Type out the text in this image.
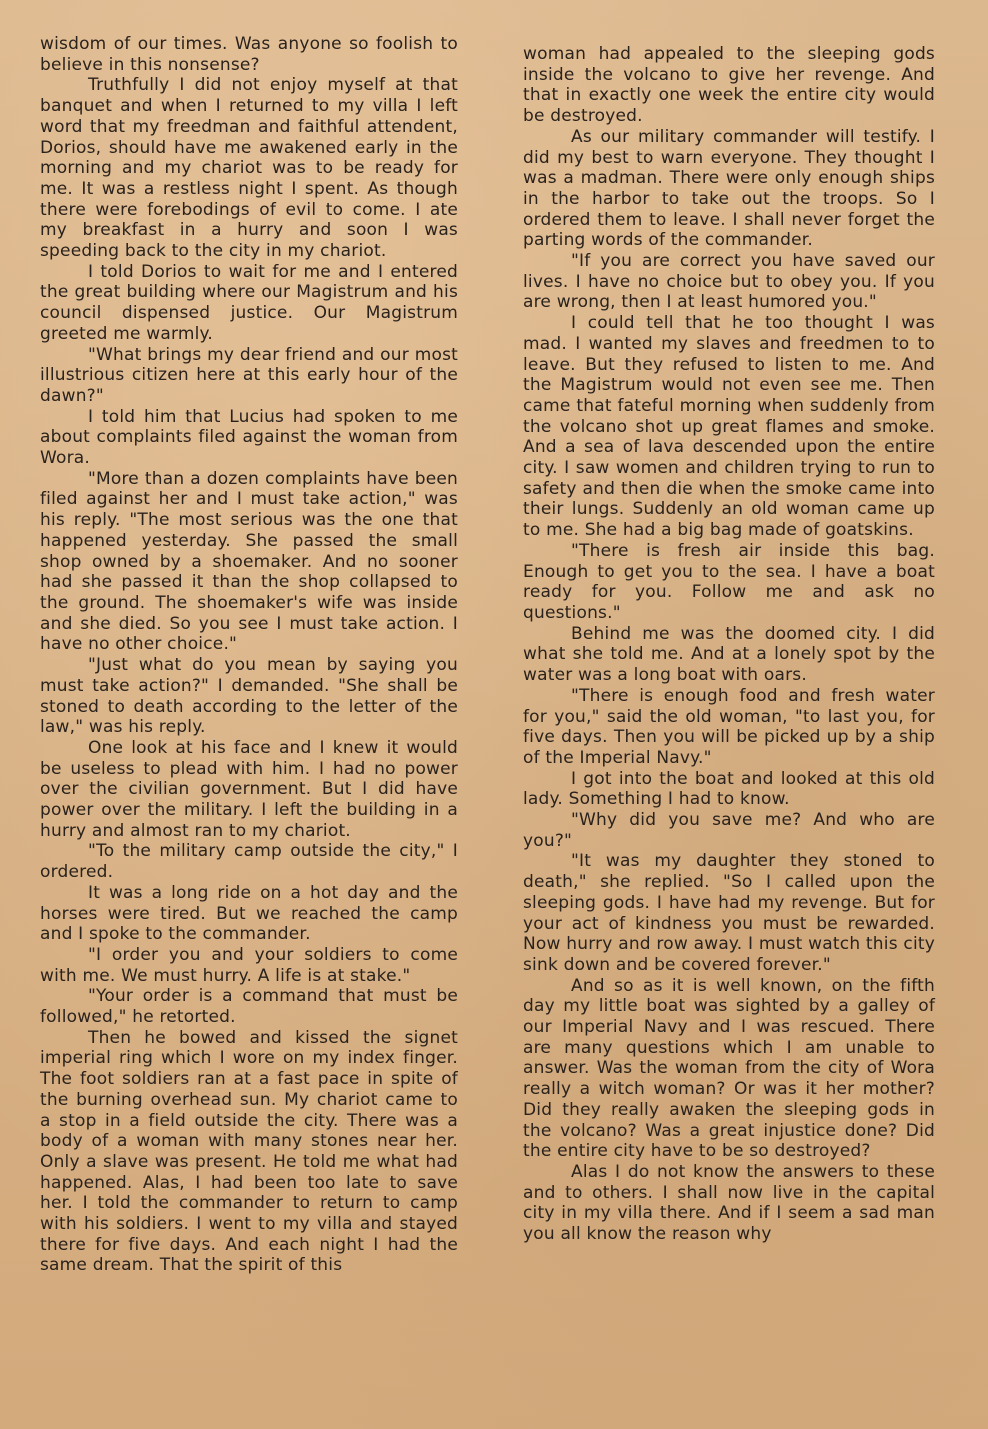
wisdom of our times. Was anyone so foolish to believe in this nonsense?

Truthfully I did not enjoy myself at that banquet and when I returned to my villa I left word that my freedman and faithful attendent, Dorios, should have me awakened early in the morning and my chariot was to be ready for me. It was a restless night I spent. As though there were forebodings of evil to come. I ate my breakfast in a hurry and soon I was speeding back to the city in my chariot.

I told Dorios to wait for me and I entered the great building where our Magistrum and his council dispensed justice. Our Magistrum greeted me warmly.

"What brings my dear friend and our most illustrious citizen here at this early hour of the dawn?"

I told him that Lucius had spoken to me about complaints filed against the woman from Wora.

"More than a dozen complaints have been filed against her and I must take action," was his reply. "The most serious was the one that happened yesterday. She passed the small shop owned by a shoemaker. And no sooner had she passed it than the shop collapsed to the ground. The shoemaker's wife was inside and she died. So you see I must take action. I have no other choice."

"Just what do you mean by saying you must take action?" I demanded. "She shall be stoned to death according to the letter of the law," was his reply.

One look at his face and I knew it would be useless to plead with him. I had no power over the civilian government. But I did have power over the military. I left the building in a hurry and almost ran to my chariot.

"To the military camp outside the city," I ordered.

It was a long ride on a hot day and the horses were tired. But we reached the camp and I spoke to the commander.

"I order you and your soldiers to come with me. We must hurry. A life is at stake."

"Your order is a command that must be followed," he retorted.

Then he bowed and kissed the signet imperial ring which I wore on my index finger. The foot soldiers ran at a fast pace in spite of the burning overhead sun. My chariot came to a stop in a field outside the city. There was a body of a woman with many stones near her. Only a slave was present. He told me what had happened. Alas, I had been too late to save her. I told the commander to return to camp with his soldiers. I went to my villa and stayed there for five days. And each night I had the same dream. That the spirit of this

woman had appealed to the sleeping gods inside the volcano to give her revenge. And that in exactly one week the entire city would be destroyed.

As our military commander will testify. I did my best to warn everyone. They thought I was a madman. There were only enough ships in the harbor to take out the troops. So I ordered them to leave. I shall never forget the parting words of the commander.

"If you are correct you have saved our lives. I have no choice but to obey you. If you are wrong, then I at least humored you."

I could tell that he too thought I was mad. I wanted my slaves and freedmen to to leave. But they refused to listen to me. And the Magistrum would not even see me. Then came that fateful morning when suddenly from the volcano shot up great flames and smoke. And a sea of lava descended upon the entire city. I saw women and children trying to run to safety and then die when the smoke came into their lungs. Suddenly an old woman came up to me. She had a big bag made of goatskins.

"There is fresh air inside this bag. Enough to get you to the sea. I have a boat ready for you. Follow me and ask no questions."

Behind me was the doomed city. I did what she told me. And at a lonely spot by the water was a long boat with oars.

"There is enough food and fresh water for you," said the old woman, "to last you, for five days. Then you will be picked up by a ship of the Imperial Navy."

I got into the boat and looked at this old lady. Something I had to know.

"Why did you save me? And who are you?"

"It was my daughter they stoned to death," she replied. "So I called upon the sleeping gods. I have had my revenge. But for your act of kindness you must be rewarded. Now hurry and row away. I must watch this city sink down and be covered forever."

And so as it is well known, on the fifth day my little boat was sighted by a galley of our Imperial Navy and I was rescued. There are many questions which I am unable to answer. Was the woman from the city of Wora really a witch woman? Or was it her mother? Did they really awaken the sleeping gods in the volcano? Was a great injustice done? Did the entire city have to be so destroyed?

Alas I do not know the answers to these and to others. I shall now live in the capital city in my villa there. And if I seem a sad man you all know the reason why
